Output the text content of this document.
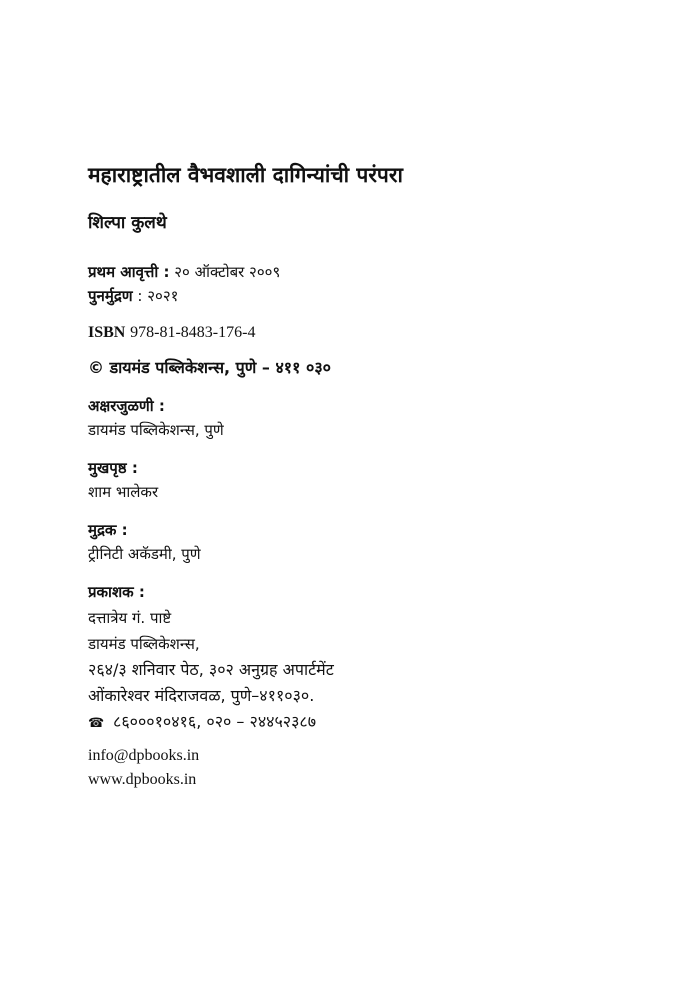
महाराष्ट्रातील वैभवशाली दागिन्यांची परंपरा
शिल्पा कुलथे
प्रथम आवृत्ती : २० ऑक्टोबर २००९
पुनर्मुद्रण : २०२१
ISBN 978-81-8483-176-4
© डायमंड पब्लिकेशन्स, पुणे – ४११ ०३०
अक्षरजुळणी :
डायमंड पब्लिकेशन्स, पुणे
मुखपृष्ठ :
शाम भालेकर
मुद्रक :
ट्रीनिटी अकॅडमी, पुणे
प्रकाशक :
दत्तात्रेय गं. पाष्टे
डायमंड पब्लिकेशन्स,
२६४/३ शनिवार पेठ, ३०२ अनुग्रह अपार्टमेंट
ओंकारेश्वर मंदिराजवळ, पुणे–४११०३०.
☎ ८६०००१०४१६, ०२० – २४४५२३८७
info@dpbooks.in
www.dpbooks.in
